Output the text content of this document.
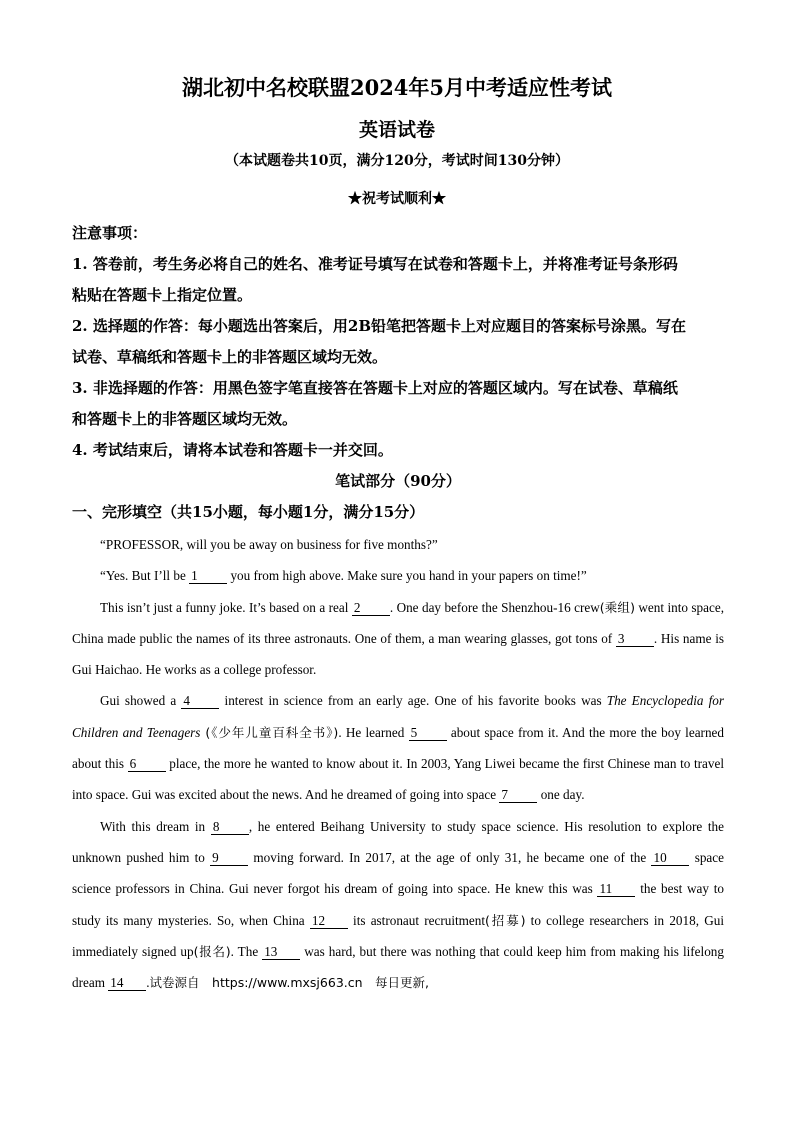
湖北初中名校联盟2024年5月中考适应性考试
英语试卷
（本试题卷共10页，满分120分，考试时间130分钟）
★祝考试顺利★
注意事项：
1. 答卷前，考生务必将自己的姓名、准考证号填写在试卷和答题卡上，并将准考证号条形码
粘贴在答题卡上指定位置。
2. 选择题的作答：每小题选出答案后，用2B铅笔把答题卡上对应题目的答案标号涂黑。写在
试卷、草稿纸和答题卡上的非答题区域均无效。
3. 非选择题的作答：用黑色签字笔直接答在答题卡上对应的答题区域内。写在试卷、草稿纸
和答题卡上的非答题区域均无效。
4. 考试结束后，请将本试卷和答题卡一并交回。
笔试部分（90分）
一、完形填空（共15小题，每小题1分，满分15分）

“PROFESSOR, will you be away on business for five months?”

“Yes. But I’ll be 1 you from high above. Make sure you hand in your papers on time!”

This isn’t just a funny joke. It’s based on a real 2 . One day before the Shenzhou-16 crew(乘组) went into space, China made public the names of its three astronauts. One of them, a man wearing glasses, got tons of 3 . His name is Gui Haichao. He works as a college professor.

Gui showed a 4 interest in science from an early age. One of his favorite books was The Encyclopedia for Children and Teenagers (《少年儿童百科全书》). He learned 5 about space from it. And the more the boy learned about this 6 place, the more he wanted to know about it. In 2003, Yang Liwei became the first Chinese man to travel into space. Gui was excited about the news. And he dreamed of going into space 7 one day.

With this dream in 8 , he entered Beihang University to study space science. His resolution to explore the unknown pushed him to 9 moving forward. In 2017, at the age of only 31, he became one of the 10 space science professors in China. Gui never forgot his dream of going into space. He knew this was 11 the best way to study its many mysteries. So, when China 12 its astronaut recruitment(招募) to college researchers in 2018, Gui immediately signed up(报名). The 13 was hard, but there was nothing that could keep him from making his lifelong dream 14 .试卷源自　https://www.mxsj663.cn　每日更新,
